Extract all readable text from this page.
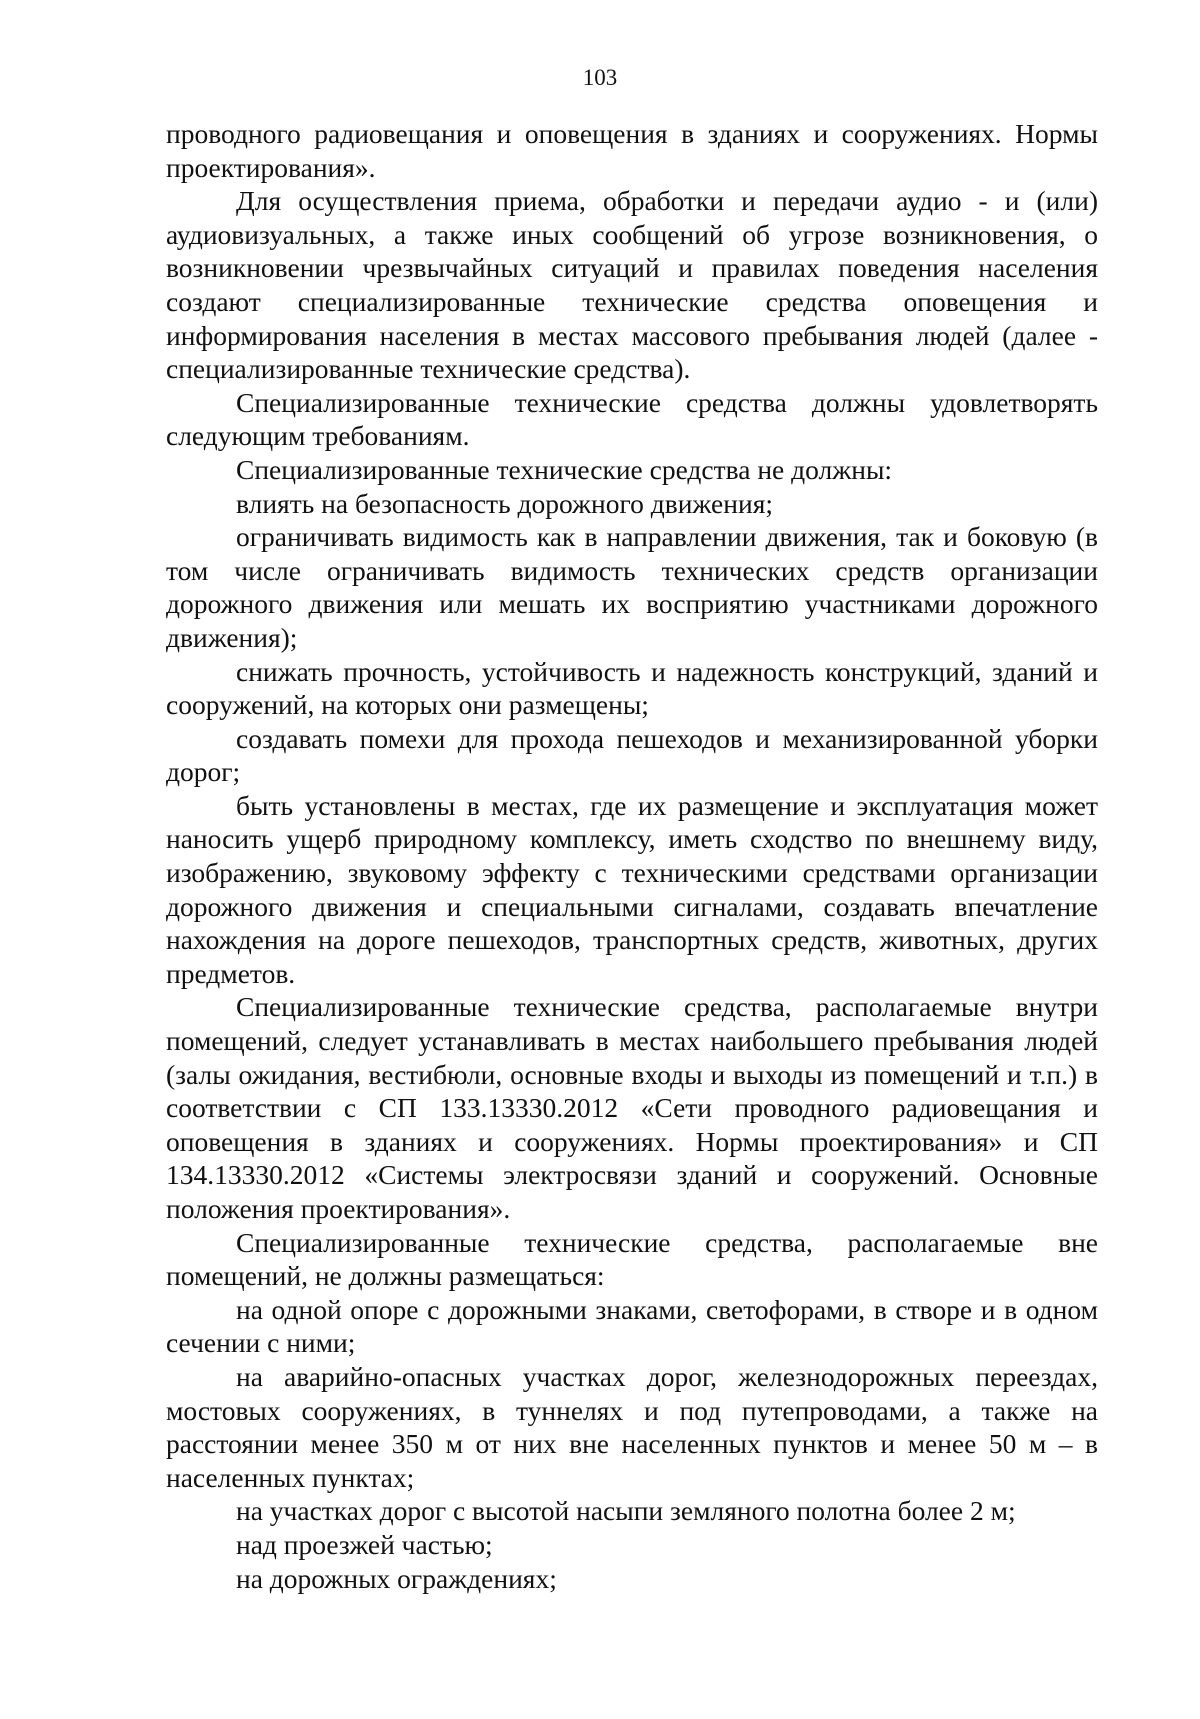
103

проводного радиовещания и оповещения в зданиях и сооружениях. Нормы проектирования».

Для осуществления приема, обработки и передачи аудио - и (или) аудиовизуальных, а также иных сообщений об угрозе возникновения, о возникновении чрезвычайных ситуаций и правилах поведения населения создают специализированные технические средства оповещения и информирования населения в местах массового пребывания людей (далее - специализированные технические средства).

Специализированные технические средства должны удовлетворять следующим требованиям.

Специализированные технические средства не должны:

влиять на безопасность дорожного движения;

ограничивать видимость как в направлении движения, так и боковую (в том числе ограничивать видимость технических средств организации дорожного движения или мешать их восприятию участниками дорожного движения);

снижать прочность, устойчивость и надежность конструкций, зданий и сооружений, на которых они размещены;

создавать помехи для прохода пешеходов и механизированной уборки дорог;

быть установлены в местах, где их размещение и эксплуатация может наносить ущерб природному комплексу, иметь сходство по внешнему виду, изображению, звуковому эффекту с техническими средствами организации дорожного движения и специальными сигналами, создавать впечатление нахождения на дороге пешеходов, транспортных средств, животных, других предметов.

Специализированные технические средства, располагаемые внутри помещений, следует устанавливать в местах наибольшего пребывания людей (залы ожидания, вестибюли, основные входы и выходы из помещений и т.п.) в соответствии с СП 133.13330.2012 «Сети проводного радиовещания и оповещения в зданиях и сооружениях. Нормы проектирования» и СП 134.13330.2012 «Системы электросвязи зданий и сооружений. Основные положения проектирования».

Специализированные технические средства, располагаемые вне помещений, не должны размещаться:

на одной опоре с дорожными знаками, светофорами, в створе и в одном сечении с ними;

на аварийно-опасных участках дорог, железнодорожных переездах, мостовых сооружениях, в туннелях и под путепроводами, а также на расстоянии менее 350 м от них вне населенных пунктов и менее 50 м – в населенных пунктах;

на участках дорог с высотой насыпи земляного полотна более 2 м;

над проезжей частью;

на дорожных ограждениях;
